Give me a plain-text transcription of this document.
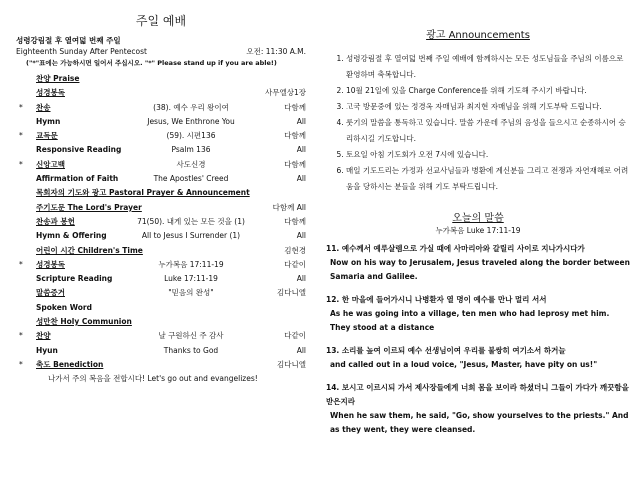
주일 예배
성령강림절 후 열여덟 번째 주일
Eighteenth Sunday After Pentecost	오전: 11:30 A.M.
("*"표에는 가능하시면 일어서 주십시오. "*" Please stand up if you are able!)
찬양 Praise
성경봉독	사무엘상1장
* 찬송	(38). 예수 우리 왕이여	다함께
Hymn	Jesus, We Enthrone You	All
* 교독문	(59). 시편136	다함께
Responsive Reading	Psalm 136	All
* 신앙고백	사도신경	다함께
Affirmation of Faith	The Apostles' Creed	All
목회자의 기도와 광고 Pastoral Prayer & Announcement
주기도문 The Lord's Prayer	다함께 All
찬송과 봉헌	71(50). 내게 있는 모든 것을 (1)	다함께
Hymn & Offering	All to Jesus I Surrender (1)	All
어린이 시간 Children's Time	김현경
* 성경봉독	누가복음 17:11-19	다같이
Scripture Reading	Luke 17:11-19	All
말씀증거	"믿음의 완성"	김다니엘
Spoken Word
성만찬 Holy Communion
* 찬양	날 구원하신 주 감사	다같이
Hyun	Thanks to God	All
* 축도 Benediction	김다니엘
나가서 주의 복음을 전합시다! Let's go out and evangelizes!
광고 Announcements
1. 성령강림절 후 열여덟 번째 주일 예배에 함께하시는 모든 성도님들을 주님의 이름으로 환영하며 축복합니다.
2. 10월 21일에 있을 Charge Conference를 위해 기도해 주시기 바랍니다.
3. 고국 방문중에 있는 정경옥 자매님과 최지현 자매님을 위해 기도부탁 드립니다.
4. 룻기의 말씀을 통독하고 있습니다. 말씀 가운데 주님의 음성을 들으시고 순종하시어 승리하시길 기도합니다.
5. 토요일 아침 기도회가 오전 7시에 있습니다.
6. 매일 기도드리는 가정과 선교사님들과 병환에 계신분들 그리고 전쟁과 자연재해로 어려움을 당하시는 분들을 위해 기도 부탁드립니다.
오늘의 말씀
누가복음 Luke 17:11-19
11. 예수께서 예루살렘으로 가실 때에 사마리아와 갈릴리 사이로 지나가시다가
Now on his way to Jerusalem, Jesus traveled along the border between Samaria and Galilee.
12. 한 마을에 들어가시니 나병환자 열 명이 예수를 만나 멀리 서서
As he was going into a village, ten men who had leprosy met him. They stood at a distance
13. 소리를 높여 이르되 예수 선생님이여 우리를 불쌍히 여기소서 하거늘
and called out in a loud voice, "Jesus, Master, have pity on us!"
14. 보시고 이르시되 가서 제사장들에게 너희 몸을 보이라 하셨더니 그들이 가다가 깨끗함을 받은지라
When he saw them, he said, "Go, show yourselves to the priests." And as they went, they were cleansed.
